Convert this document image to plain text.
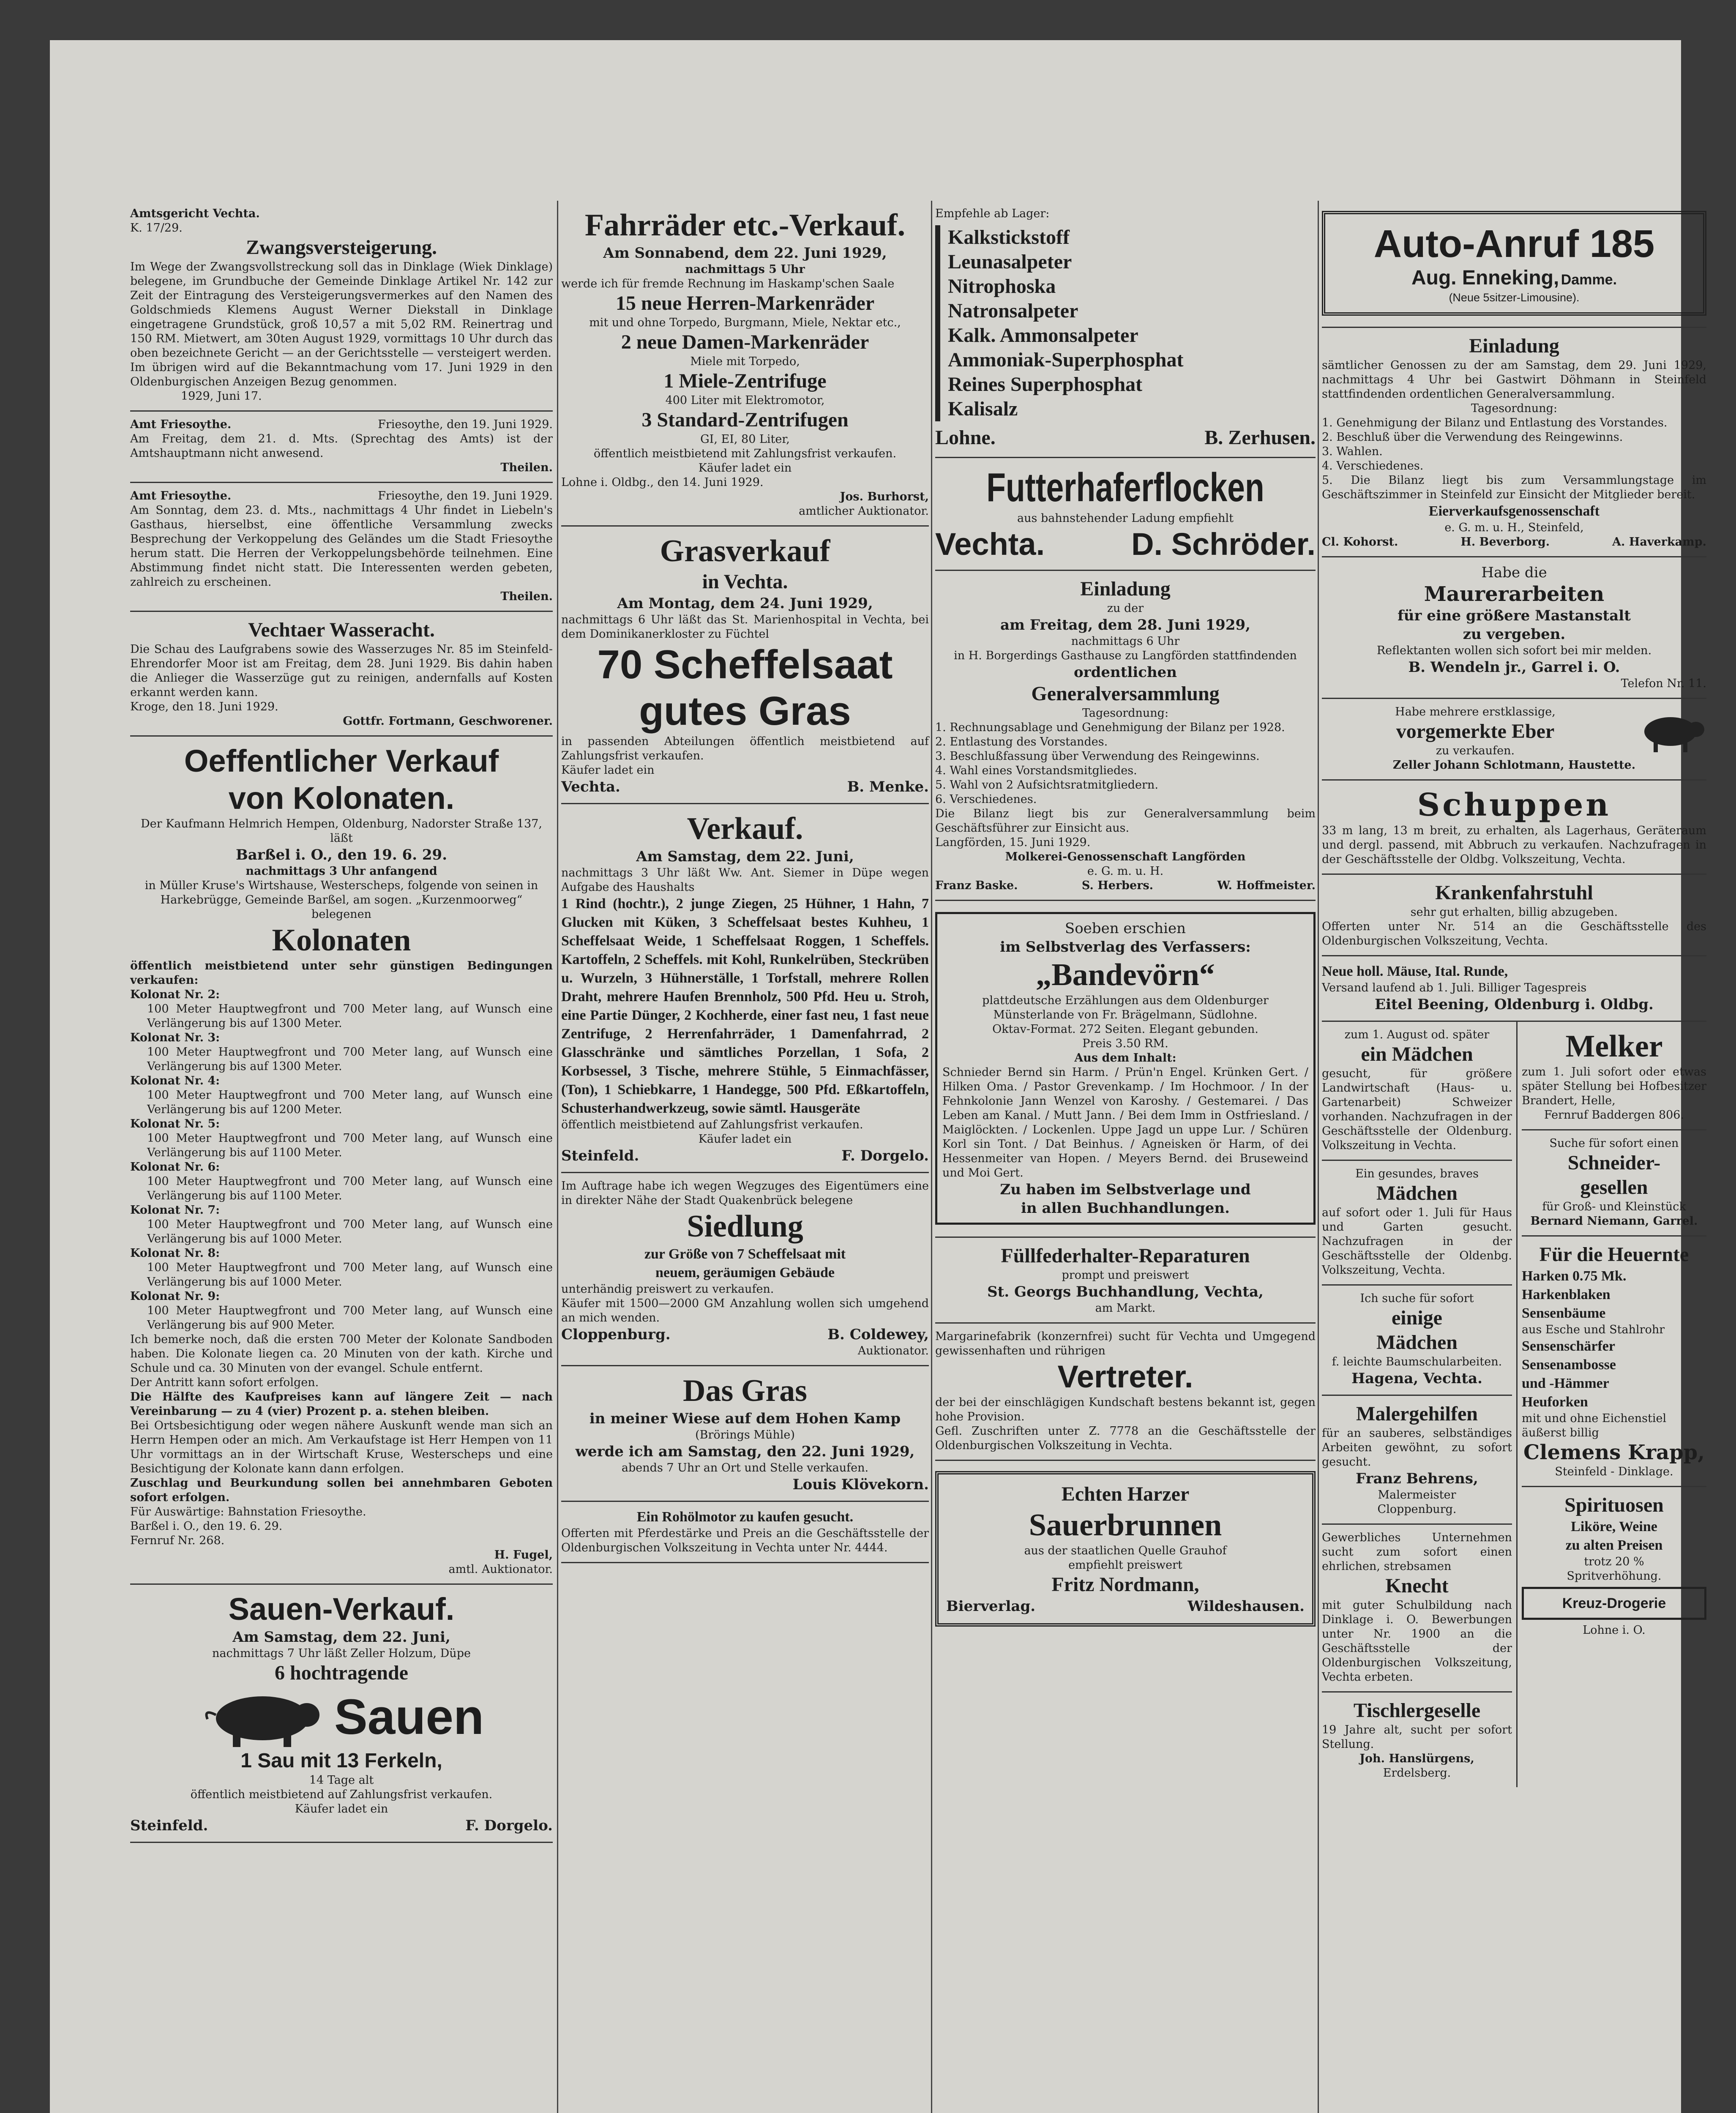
Amtsgericht Vechta.

K. 17/29.

Zwangsversteigerung.

Im Wege der Zwangsvollstreckung soll das in Dinklage (Wiek Dinklage) belegene, im Grundbuche der Gemeinde Dinklage Artikel Nr. 142 zur Zeit der Eintragung des Versteigerungsvermerkes auf den Namen des Goldschmieds Klemens August Werner Diekstall in Dinklage eingetragene Grundstück, groß 10,57 a mit 5,02 RM. Reinertrag und 150 RM. Mietwert, am 30ten August 1929, vormittags 10 Uhr durch das oben bezeichnete Gericht — an der Gerichtsstelle — versteigert werden.

Im übrigen wird auf die Bekanntmachung vom 17. Juni 1929 in den Oldenburgischen Anzeigen Bezug genommen.

1929, Juni 17.

Amt Friesoythe.	Friesoythe, den 19. Juni 1929.

Am Freitag, dem 21. d. Mts. (Sprechtag des Amts) ist der Amtshauptmann nicht anwesend.

Theilen.

Amt Friesoythe.	Friesoythe, den 19. Juni 1929.

Am Sonntag, dem 23. d. Mts., nachmittags 4 Uhr findet in Liebeln's Gasthaus, hierselbst, eine öffentliche Versammlung zwecks Besprechung der Verkoppelung des Geländes um die Stadt Friesoythe herum statt. Die Herren der Verkoppelungsbehörde teilnehmen. Eine Abstimmung findet nicht statt. Die Interessenten werden gebeten, zahlreich zu erscheinen.

Theilen.

Vechtaer Wasseracht.

Die Schau des Laufgrabens sowie des Wasserzuges Nr. 85 im Steinfeld-Ehrendorfer Moor ist am Freitag, dem 28. Juni 1929. Bis dahin haben die Anlieger die Wasserzüge gut zu reinigen, andernfalls auf Kosten erkannt werden kann.

Kroge, den 18. Juni 1929.

Gottfr. Fortmann, Geschworener.

Oeffentlicher Verkauf

von Kolonaten.

Der Kaufmann Helmrich Hempen, Oldenburg, Nadorster Straße 137, läßt

Barßel i. O., den 19. 6. 29.

nachmittags 3 Uhr anfangend

in Müller Kruse's Wirtshause, Westerscheps, folgende von seinen in Harkebrügge, Gemeinde Barßel, am sogen. „Kurzenmoorweg“ belegenen

Kolonaten

öffentlich meistbietend unter sehr günstigen Bedingungen verkaufen:

Kolonat Nr. 2:

100 Meter Hauptwegfront und 700 Meter lang, auf Wunsch eine Verlängerung bis auf 1300 Meter.

Kolonat Nr. 3:

100 Meter Hauptwegfront und 700 Meter lang, auf Wunsch eine Verlängerung bis auf 1300 Meter.

Kolonat Nr. 4:

100 Meter Hauptwegfront und 700 Meter lang, auf Wunsch eine Verlängerung bis auf 1200 Meter.

Kolonat Nr. 5:

100 Meter Hauptwegfront und 700 Meter lang, auf Wunsch eine Verlängerung bis auf 1100 Meter.

Kolonat Nr. 6:

100 Meter Hauptwegfront und 700 Meter lang, auf Wunsch eine Verlängerung bis auf 1100 Meter.

Kolonat Nr. 7:

100 Meter Hauptwegfront und 700 Meter lang, auf Wunsch eine Verlängerung bis auf 1000 Meter.

Kolonat Nr. 8:

100 Meter Hauptwegfront und 700 Meter lang, auf Wunsch eine Verlängerung bis auf 1000 Meter.

Kolonat Nr. 9:

100 Meter Hauptwegfront und 700 Meter lang, auf Wunsch eine Verlängerung bis auf 900 Meter.

Ich bemerke noch, daß die ersten 700 Meter der Kolonate Sandboden haben. Die Kolonate liegen ca. 20 Minuten von der kath. Kirche und Schule und ca. 30 Minuten von der evangel. Schule entfernt.

Der Antritt kann sofort erfolgen.

Die Hälfte des Kaufpreises kann auf längere Zeit — nach Vereinbarung — zu 4 (vier) Prozent p. a. stehen bleiben.

Bei Ortsbesichtigung oder wegen nähere Auskunft wende man sich an Herrn Hempen oder an mich. Am Verkaufstage ist Herr Hempen von 11 Uhr vormittags an in der Wirtschaft Kruse, Westerscheps und eine Besichtigung der Kolonate kann dann erfolgen.

Zuschlag und Beurkundung sollen bei annehmbaren Geboten sofort erfolgen.

Für Auswärtige: Bahnstation Friesoythe.

Barßel i. O., den 19. 6. 29.

Fernruf Nr. 268.

H. Fugel,

amtl. Auktionator.

Sauen-Verkauf.

Am Samstag, dem 22. Juni,

nachmittags 7 Uhr läßt Zeller Holzum, Düpe

6 hochtragende

Sauen

1 Sau mit 13 Ferkeln,

14 Tage alt

öffentlich meistbietend auf Zahlungsfrist verkaufen.

Käufer ladet ein

Steinfeld.	F. Dorgelo.

Fahrräder etc.-Verkauf.

Am Sonnabend, dem 22. Juni 1929,

nachmittags 5 Uhr

werde ich für fremde Rechnung im Haskamp'schen Saale

15 neue Herren-Markenräder

mit und ohne Torpedo, Burgmann, Miele, Nektar etc.,

2 neue Damen-Markenräder

Miele mit Torpedo,

1 Miele-Zentrifuge

400 Liter mit Elektromotor,

3 Standard-Zentrifugen

GI, EI, 80 Liter,

öffentlich meistbietend mit Zahlungsfrist verkaufen.

Käufer ladet ein

Lohne i. Oldbg., den 14. Juni 1929.

Jos. Burhorst,

amtlicher Auktionator.

Grasverkauf

in Vechta.

Am Montag, dem 24. Juni 1929,

nachmittags 6 Uhr läßt das St. Marienhospital in Vechta, bei dem Dominikanerkloster zu Füchtel

70 Scheffelsaat

gutes Gras

in passenden Abteilungen öffentlich meistbietend auf Zahlungsfrist verkaufen.

Käufer ladet ein

Vechta.	B. Menke.

Verkauf.

Am Samstag, dem 22. Juni,

nachmittags 3 Uhr läßt Ww. Ant. Siemer in Düpe wegen Aufgabe des Haushalts

1 Rind (hochtr.), 2 junge Ziegen, 25 Hühner, 1 Hahn, 7 Glucken mit Küken, 3 Scheffelsaat bestes Kuhheu, 1 Scheffelsaat Weide, 1 Scheffelsaat Roggen, 1 Scheffels. Kartoffeln, 2 Scheffels. mit Kohl, Runkelrüben, Steckrüben u. Wurzeln, 3 Hühnerställe, 1 Torfstall, mehrere Rollen Draht, mehrere Haufen Brennholz, 500 Pfd. Heu u. Stroh, eine Partie Dünger, 2 Kochherde, einer fast neu, 1 fast neue Zentrifuge, 2 Herrenfahrräder, 1 Damenfahrrad, 2 Glasschränke und sämtliches Porzellan, 1 Sofa, 2 Korbsessel, 3 Tische, mehrere Stühle, 5 Einmachfässer, (Ton), 1 Schiebkarre, 1 Handegge, 500 Pfd. Eßkartoffeln, Schusterhandwerkzeug, sowie sämtl. Hausgeräte

öffentlich meistbietend auf Zahlungsfrist verkaufen.

Käufer ladet ein

Steinfeld.	F. Dorgelo.

Im Auftrage habe ich wegen Wegzuges des Eigentümers eine in direkter Nähe der Stadt Quakenbrück belegene

Siedlung

zur Größe von 7 Scheffelsaat mit

neuem, geräumigen Gebäude

unterhändig preiswert zu verkaufen.

Käufer mit 1500—2000 GM Anzahlung wollen sich umgehend an mich wenden.

Cloppenburg.	B. Coldewey,

Auktionator.

Das Gras

in meiner Wiese auf dem Hohen Kamp

(Brörings Mühle)

werde ich am Samstag, den 22. Juni 1929,

abends 7 Uhr an Ort und Stelle verkaufen.

Louis Klövekorn.

Ein Rohölmotor zu kaufen gesucht.

Offerten mit Pferdestärke und Preis an die Geschäftsstelle der Oldenburgischen Volkszeitung in Vechta unter Nr. 4444.

Empfehle ab Lager:

Kalkstickstoff

Leunasalpeter

Nitrophoska

Natronsalpeter

Kalk. Ammonsalpeter

Ammoniak-Superphosphat

Reines Superphosphat

Kalisalz

Lohne.	B. Zerhusen.

Futterhaferflocken

aus bahnstehender Ladung empfiehlt

Vechta.	D. Schröder.

Einladung

zu der

am Freitag, dem 28. Juni 1929,

nachmittags 6 Uhr

in H. Borgerdings Gasthause zu Langförden stattfindenden

ordentlichen

Generalversammlung

Tagesordnung:

1. Rechnungsablage und Genehmigung der Bilanz per 1928.

2. Entlastung des Vorstandes.

3. Beschlußfassung über Verwendung des Reingewinns.

4. Wahl eines Vorstandsmitgliedes.

5. Wahl von 2 Aufsichtsratmitgliedern.

6. Verschiedenes.

Die Bilanz liegt bis zur Generalversammlung beim Geschäftsführer zur Einsicht aus.

Langförden, 15. Juni 1929.

Molkerei-Genossenschaft Langförden

e. G. m. u. H.

Franz Baske.	S. Herbers.	W. Hoffmeister.

Soeben erschien

im Selbstverlag des Verfassers:

„Bandevörn“

plattdeutsche Erzählungen aus dem Oldenburger Münsterlande von Fr. Brägelmann, Südlohne.

Oktav-Format. 272 Seiten. Elegant gebunden.

Preis 3.50 RM.

Aus dem Inhalt:

Schnieder Bernd sin Harm. / Prün'n Engel. Krünken Gert. / Hilken Oma. / Pastor Grevenkamp. / Im Hochmoor. / In der Fehnkolonie Jann Wenzel von Karoshy. / Gestemarei. / Das Leben am Kanal. / Mutt Jann. / Bei dem Imm in Ostfriesland. / Maiglöckten. / Lockenlen. Uppe Jagd un uppe Lur. / Schüren Korl sin Tont. / Dat Beinhus. / Agneisken ör Harm, of dei Hessenmeiter van Hopen. / Meyers Bernd. dei Bruseweind und Moi Gert.

Zu haben im Selbstverlage und

in allen Buchhandlungen.

Füllfederhalter-Reparaturen

prompt und preiswert

St. Georgs Buchhandlung, Vechta,

am Markt.

Margarinefabrik (konzernfrei) sucht für Vechta und Umgegend gewissenhaften und rührigen

Vertreter.

der bei der einschlägigen Kundschaft bestens bekannt ist, gegen hohe Provision.

Gefl. Zuschriften unter Z. 7778 an die Geschäftsstelle der Oldenburgischen Volkszeitung in Vechta.

Echten Harzer

Sauerbrunnen

aus der staatlichen Quelle Grauhof

empfiehlt preiswert

Fritz Nordmann,

Bierverlag.	Wildeshausen.

Auto-Anruf 185

Aug. Enneking, Damme.

(Neue 5sitzer-Limousine).

Einladung

sämtlicher Genossen zu der am Samstag, dem 29. Juni 1929, nachmittags 4 Uhr bei Gastwirt Döhmann in Steinfeld stattfindenden ordentlichen Generalversammlung.

Tagesordnung:

1. Genehmigung der Bilanz und Entlastung des Vorstandes.

2. Beschluß über die Verwendung des Reingewinns.

3. Wahlen.

4. Verschiedenes.

5. Die Bilanz liegt bis zum Versammlungstage im Geschäftszimmer in Steinfeld zur Einsicht der Mitglieder bereit.

Eierverkaufsgenossenschaft

e. G. m. u. H., Steinfeld,

Cl. Kohorst.	H. Beverborg.	A. Haverkamp.

Habe die

Maurerarbeiten

für eine größere Mastanstalt

zu vergeben.

Reflektanten wollen sich sofort bei mir melden.

B. Wendeln jr., Garrel i. O.

Telefon Nr. 11.

Habe mehrere erstklassige,

vorgemerkte Eber

zu verkaufen.

Zeller Johann Schlotmann, Haustette.

Schuppen

33 m lang, 13 m breit, zu erhalten, als Lagerhaus, Geräteraum und dergl. passend, mit Abbruch zu verkaufen. Nachzufragen in der Geschäftsstelle der Oldbg. Volkszeitung, Vechta.

Krankenfahrstuhl

sehr gut erhalten, billig abzugeben.

Offerten unter Nr. 514 an die Geschäftsstelle des Oldenburgischen Volkszeitung, Vechta.

Neue holl. Mäuse, Ital. Runde,

Versand laufend ab 1. Juli. Billiger Tagespreis

Eitel Beening, Oldenburg i. Oldbg.

zum 1. August od. später

ein Mädchen

gesucht, für größere Landwirtschaft (Haus- u. Gartenarbeit) Schweizer vorhanden. Nachzufragen in der Geschäftsstelle der Oldenburg. Volkszeitung in Vechta.

Ein gesundes, braves

Mädchen

auf sofort oder 1. Juli für Haus und Garten gesucht. Nachzufragen in der Geschäftsstelle der Oldenbg. Volkszeitung, Vechta.

Ich suche für sofort

einige

Mädchen

f. leichte Baumschularbeiten.

Hagena, Vechta.

Malergehilfen

für an sauberes, selbständiges Arbeiten gewöhnt, zu sofort gesucht.

Franz Behrens,

Malermeister

Cloppenburg.

Gewerbliches Unternehmen sucht zum sofort einen ehrlichen, strebsamen

Knecht

mit guter Schulbildung nach Dinklage i. O. Bewerbungen unter Nr. 1900 an die Geschäftsstelle der Oldenburgischen Volkszeitung, Vechta erbeten.

Tischlergeselle

19 Jahre alt, sucht per sofort Stellung.

Joh. Hanslürgens,

Erdelsberg.

Melker

zum 1. Juli sofort oder etwas später Stellung bei Hofbesitzer Brandert, Helle,

Fernruf Baddergen 806.

Suche für sofort einen

Schneider-

gesellen

für Groß- und Kleinstück

Bernard Niemann, Garrel.

Für die Heuernte

Harken 0.75 Mk.

Harkenblaken

Sensenbäume

aus Esche und Stahlrohr

Sensenschärfer

Sensenambosse

und -Hämmer

Heuforken

mit und ohne Eichenstiel

äußerst billig

Clemens Krapp,

Steinfeld - Dinklage.

Spirituosen

Liköre, Weine

zu alten Preisen

trotz 20 %

Spritverhöhung.

Kreuz-Drogerie

Lohne i. O.
